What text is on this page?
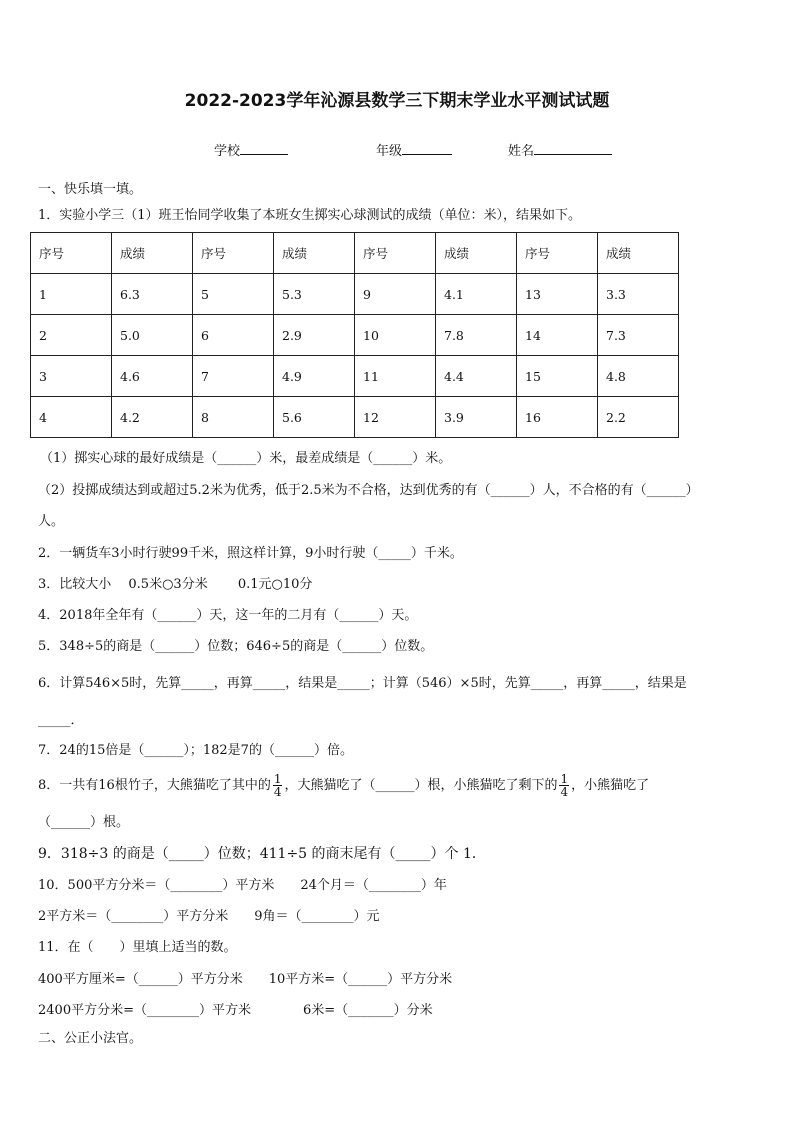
2022-2023学年沁源县数学三下期末学业水平测试试题
学校	年级	姓名
一、快乐填一填。
1．实验小学三（1）班王怡同学收集了本班女生掷实心球测试的成绩（单位：米），结果如下。
序号	成绩	序号	成绩	序号	成绩	序号	成绩
1	6.3	5	5.3	9	4.1	13	3.3
2	5.0	6	2.9	10	7.8	14	7.3
3	4.6	7	4.9	11	4.4	15	4.8
4	4.2	8	5.6	12	3.9	16	2.2
（1）掷实心球的最好成绩是（______）米，最差成绩是（______）米。
（2）投掷成绩达到或超过5.2米为优秀，低于2.5米为不合格，达到优秀的有（______）人，不合格的有（______）
人。
2．一辆货车3小时行驶99千米，照这样计算，9小时行驶（_____）千米。
3．比较大小　 0.5米○3分米　　 0.1元○10分
4．2018年全年有（______）天，这一年的二月有（______）天。
5．348÷5的商是（______）位数；646÷5的商是（______）位数。
6．计算546×5时，先算_____，再算_____，结果是_____；计算（546）×5时，先算_____，再算_____，结果是
_____．
7．24的15倍是（______）；182是7的（______）倍。
8．一共有16根竹子，大熊猫吃了其中的 $\frac{1}{4}$ ，大熊猫吃了（______）根，小熊猫吃了剩下的 $\frac{1}{4}$ ，小熊猫吃了
（______）根。
9．318÷3 的商是（_____）位数；411÷5 的商末尾有（_____）个 1．
10．500平方分米＝（________）平方米　　24个月＝（________）年
2平方米＝（________）平方分米　　9角＝（________）元
11．在（　　）里填上适当的数。
400平方厘米=（______）平方分米　　10平方米=（______）平方分米
2400平方分米=（________）平方米　　　　6米=（_______）分米
二、公正小法官。
